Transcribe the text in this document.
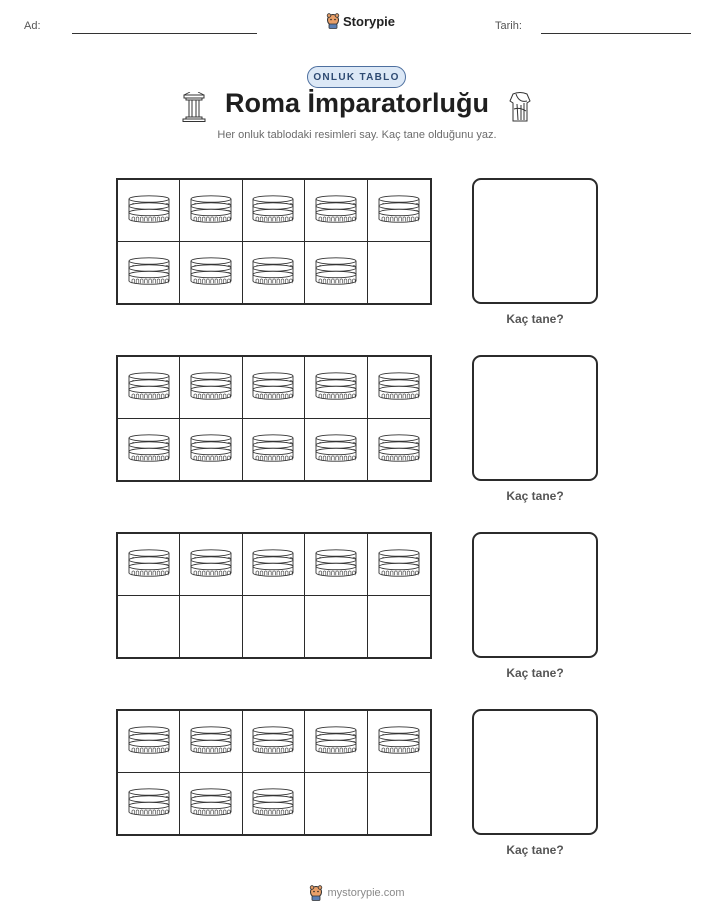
Ad:	Storypie	Tarih:
ONLUK TABLO
Roma İmparatorluğu
Her onluk tablodaki resimleri say. Kaç tane olduğunu yaz.
Kaç tane?
Kaç tane?
Kaç tane?
Kaç tane?
mystorypie.com
